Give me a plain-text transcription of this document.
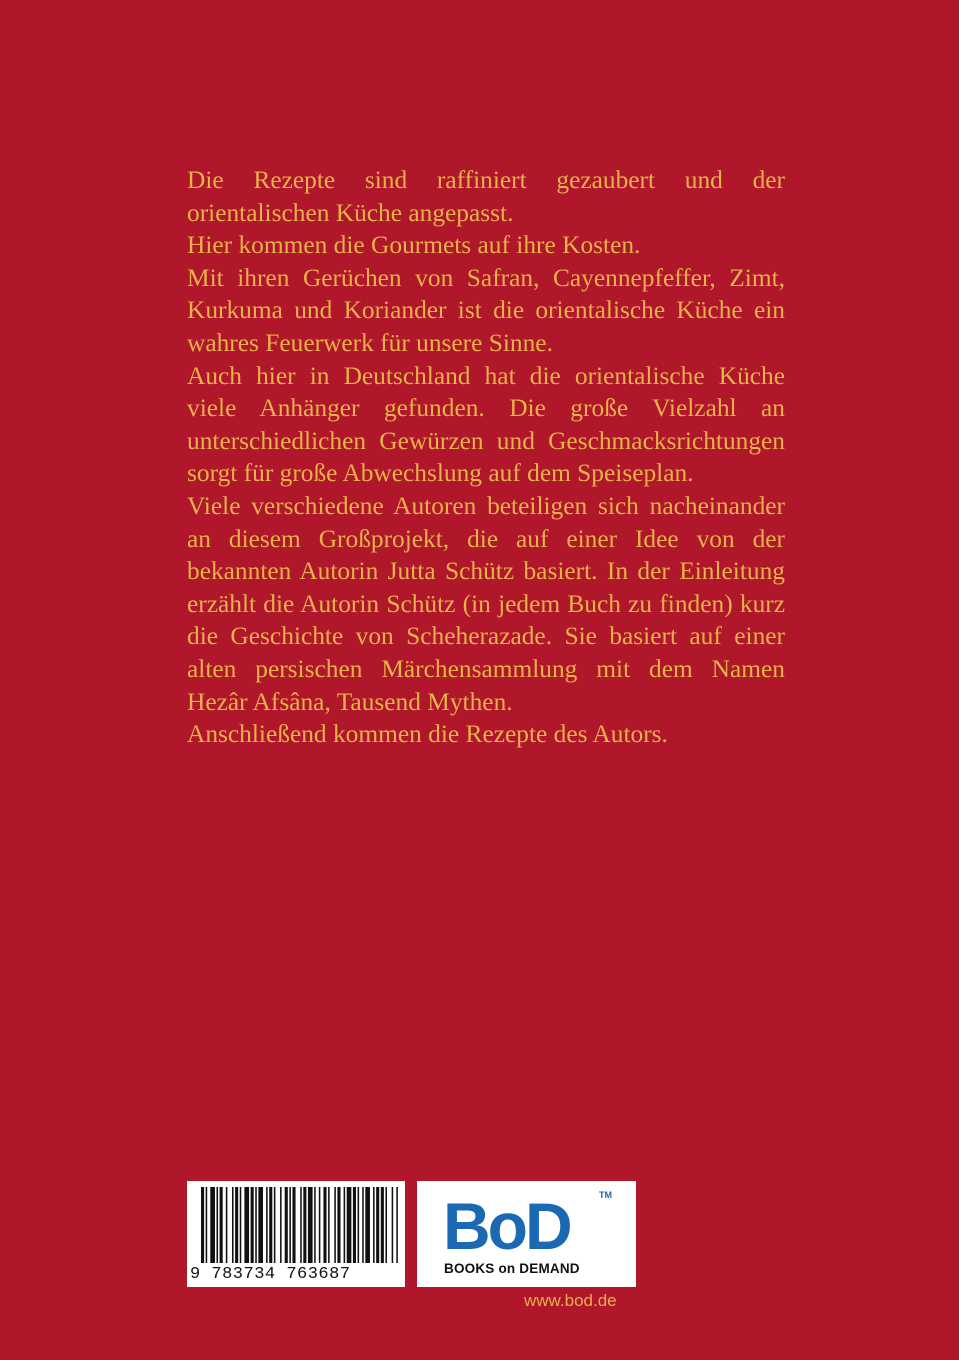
Die Rezepte sind raffiniert gezaubert und der orientalischen Küche angepasst.

Hier kommen die Gourmets auf ihre Kosten.

Mit ihren Gerüchen von Safran, Cayennepfeffer, Zimt, Kurkuma und Koriander ist die orientalische Küche ein wahres Feuerwerk für unsere Sinne.

Auch hier in Deutschland hat die orientalische Küche viele Anhänger gefunden. Die große Vielzahl an unterschiedlichen Gewürzen und Geschmacksrichtungen sorgt für große Abwechslung auf dem Speiseplan.

Viele verschiedene Autoren beteiligen sich nacheinander an diesem Großprojekt, die auf einer Idee von der bekannten Autorin Jutta Schütz basiert. In der Einleitung erzählt die Autorin Schütz (in jedem Buch zu finden) kurz die Geschichte von Scheherazade. Sie basiert auf einer alten persischen Märchensammlung mit dem Namen Hezâr Afsâna, Tausend Mythen.

Anschließend kommen die Rezepte des Autors.

9 783734 763687
BoD	TM
BOOKS on DEMAND
www.bod.de
